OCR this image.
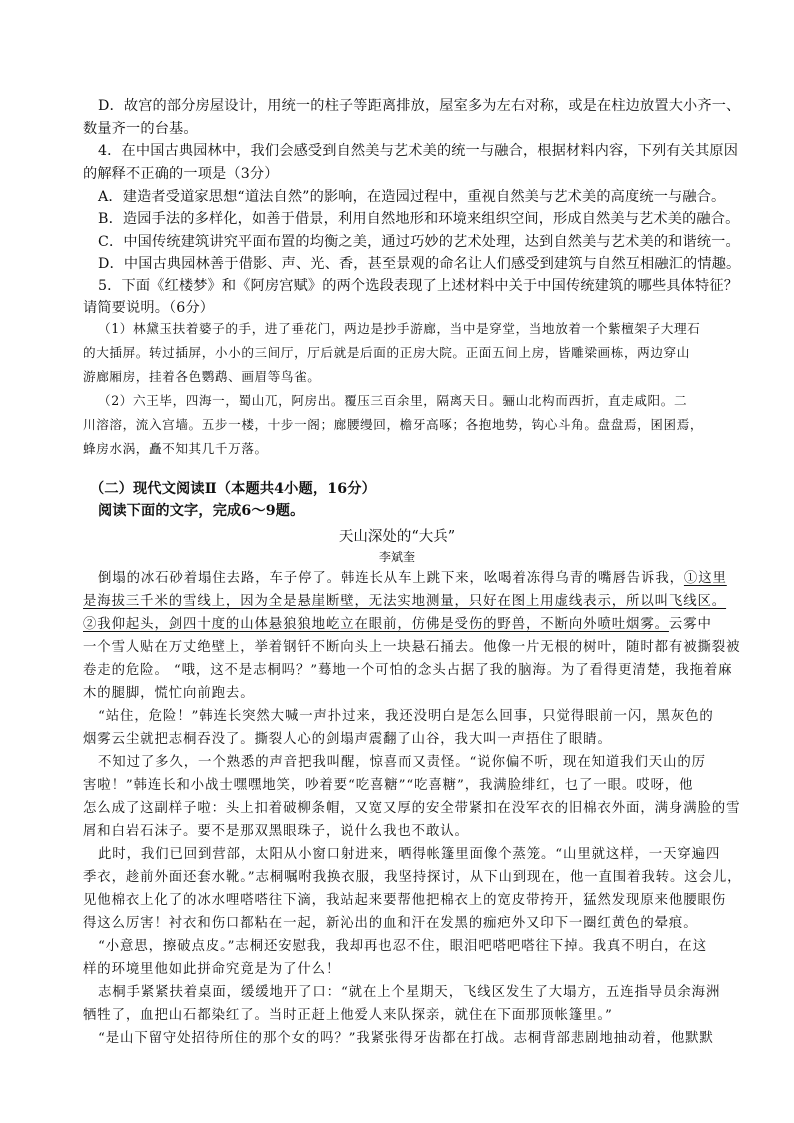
D．故宫的部分房屋设计，用统一的柱子等距离排放，屋室多为左右对称，或是在柱边放置大小齐一、
数量齐一的台基。
4．在中国古典园林中，我们会感受到自然美与艺术美的统一与融合，根据材料内容，下列有关其原因
的解释不正确的一项是（3分）
A．建造者受道家思想“道法自然”的影响，在造园过程中，重视自然美与艺术美的高度统一与融合。
B．造园手法的多样化，如善于借景，利用自然地形和环境来组织空间，形成自然美与艺术美的融合。
C．中国传统建筑讲究平面布置的均衡之美，通过巧妙的艺术处理，达到自然美与艺术美的和谐统一。
D．中国古典园林善于借影、声、光、香，甚至景观的命名让人们感受到建筑与自然互相融汇的情趣。
5．下面《红楼梦》和《阿房宫赋》的两个选段表现了上述材料中关于中国传统建筑的哪些具体特征？
请简要说明。（6分）
（1）林黛玉扶着婆子的手，进了垂花门，两边是抄手游廊，当中是穿堂，当地放着一个紫檀架子大理石
的大插屏。转过插屏，小小的三间厅，厅后就是后面的正房大院。正面五间上房，皆雕梁画栋，两边穿山
游廊厢房，挂着各色鹦鹉、画眉等鸟雀。
（2）六王毕，四海一，蜀山兀，阿房出。覆压三百余里，隔离天日。骊山北构而西折，直走咸阳。二
川溶溶，流入宫墙。五步一楼，十步一阁；廊腰缦回，檐牙高啄；各抱地势，钩心斗角。盘盘焉，囷囷焉，
蜂房水涡，矗不知其几千万落。
（二）现代文阅读Ⅱ（本题共4小题，16分）
阅读下面的文字，完成6～9题。
天山深处的“大兵”
李斌奎
倒塌的冰石砂着塌住去路，车子停了。韩连长从车上跳下来，吆喝着冻得乌青的嘴唇告诉我，①这里
是海拔三千米的雪线上，因为全是悬崖断壁，无法实地测量，只好在图上用虚线表示，所以叫飞线区。
②我仰起头，剑四十度的山体悬狼狼地屹立在眼前，仿佛是受伤的野兽，不断向外喷吐烟雾。云雾中
一个雪人贴在万丈绝壁上，挙着钢钎不断向头上一块悬石捅去。他像一片无根的树叶，随时都有被撕裂被
卷走的危险。 “哦，这不是志桐吗？”蓦地一个可怕的念头占据了我的脑海。为了看得更清楚，我拖着麻
木的腿脚，慌忙向前跑去。
“站住，危险！”韩连长突然大喊一声扑过来，我还没明白是怎么回事，只觉得眼前一闪，黑灰色的
烟雾云尘就把志桐吞没了。撕裂人心的剑塌声震翻了山谷，我大叫一声捂住了眼睛。
不知过了多久，一个熟悉的声音把我叫醒，惊喜而又责怪。“说你偏不听，现在知道我们天山的厉
害啦！”韩连长和小战士嘿嘿地笑，吵着要“吃喜糖”“吃喜糖”，我满脸绯红，乜了一眼。哎呀，他
怎么成了这副样子啦：头上扣着破柳条帽，又宽又厚的安全带紧扣在没军衣的旧棉衣外面，满身满脸的雪
屑和白岩石沫子。要不是那双黑眼珠子，说什么我也不敢认。
此时，我们已回到营部，太阳从小窗口射进来，晒得帐篷里面像个蒸笼。“山里就这样，一天穿遍四
季衣，趁前外面还套水靴。”志桐嘱咐我换衣服，我坚持探讨，从下山到现在，他一直围着我转。这会儿，
见他棉衣上化了的冰水哩嗒嗒往下滴，我站起来要帮他把棉衣上的宽皮带挎开，猛然发现原来他腰眼伤
得这么厉害！衬衣和伤口都粘在一起，新沁出的血和汗在发黑的痂疤外又印下一圈红黄色的晕痕。
“小意思，擦破点皮。”志桐还安慰我，我却再也忍不住，眼泪吧嗒吧嗒往下掉。我真不明白，在这
样的环境里他如此拼命究竟是为了什么！
志桐手紧紧扶着桌面，缓缓地开了口：“就在上个星期天，飞线区发生了大塌方，五连指导员余海洲
牺牲了，血把山石都染红了。当时正赶上他爱人来队探亲，就住在下面那顶帐篷里。”
“是山下留守处招待所住的那个女的吗？”我紧张得牙齿都在打战。志桐背部悲剧地抽动着，他默默
